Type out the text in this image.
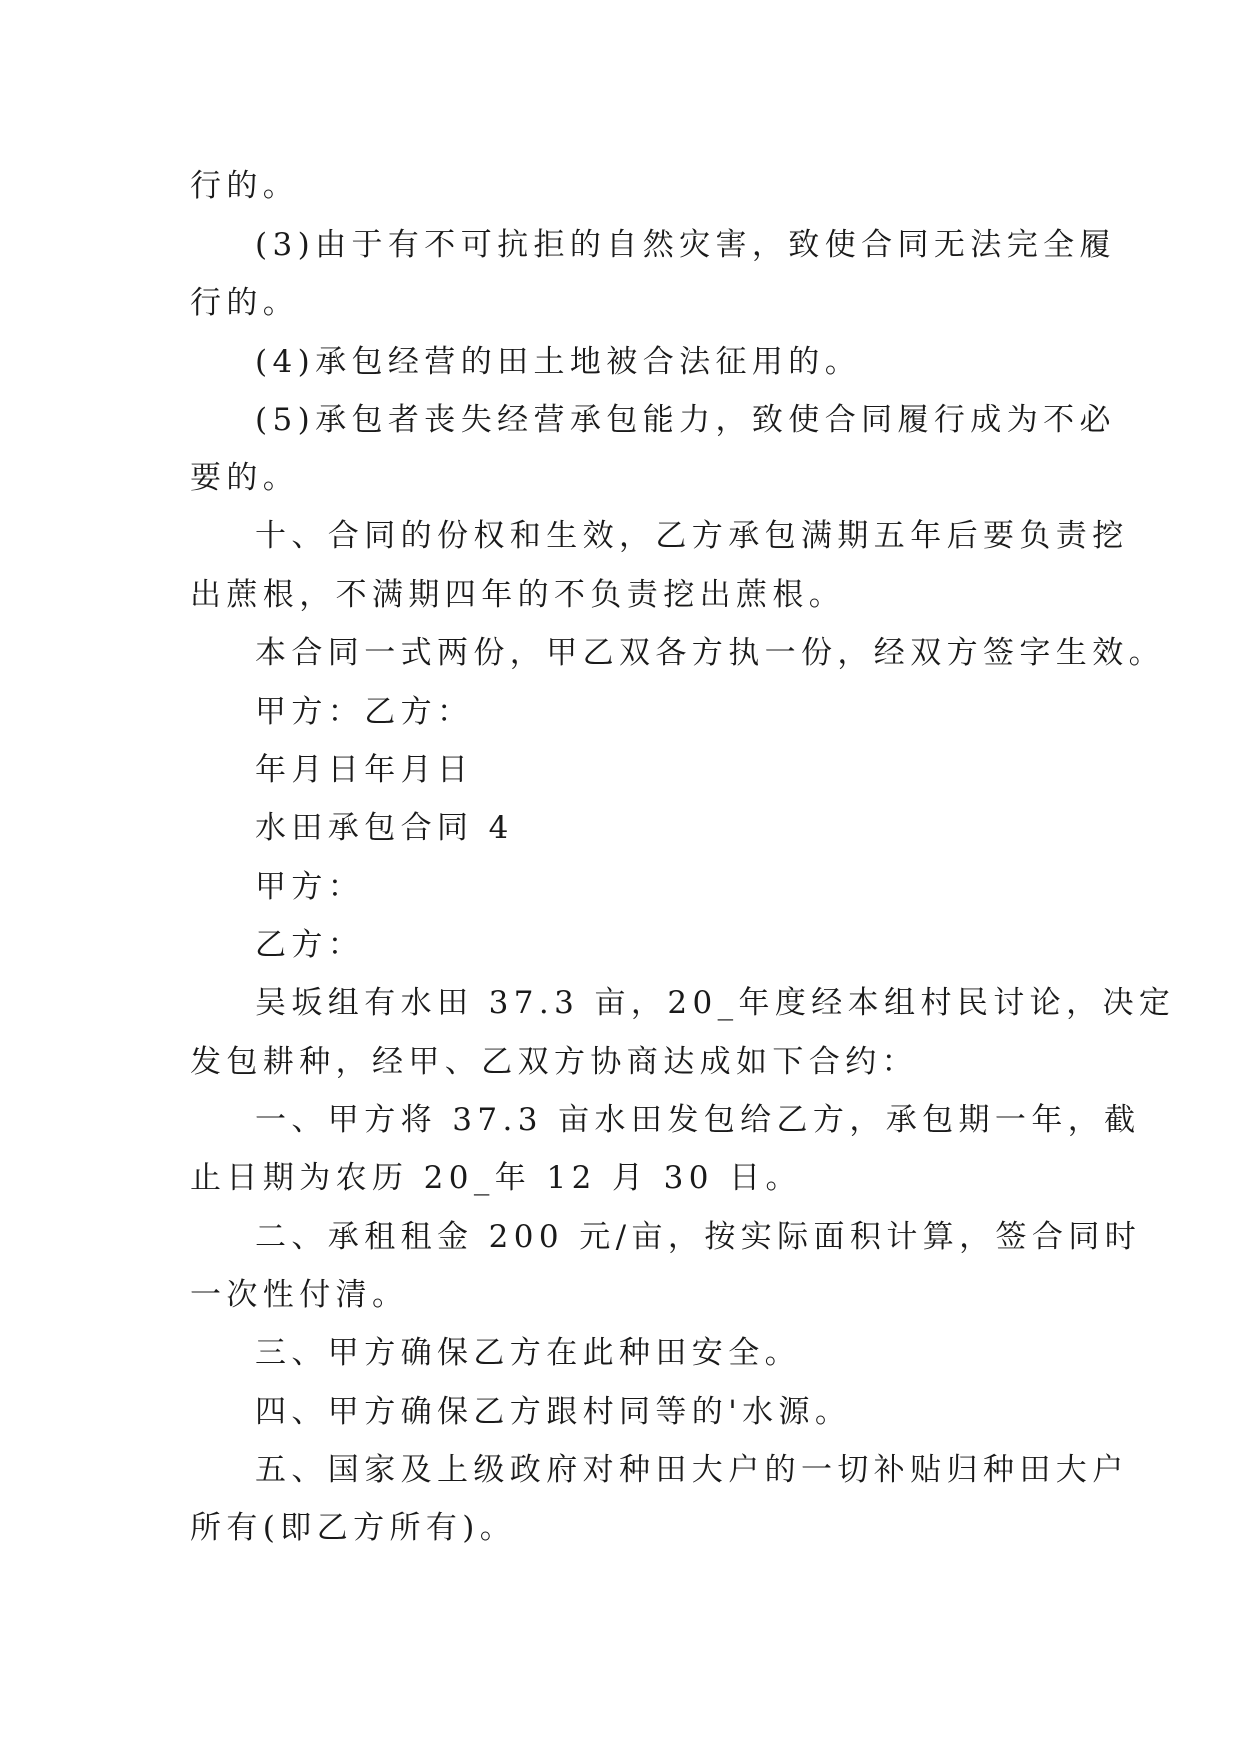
行的。
(3)由于有不可抗拒的自然灾害，致使合同无法完全履
行的。
(4)承包经营的田土地被合法征用的。
(5)承包者丧失经营承包能力，致使合同履行成为不必
要的。
十、合同的份权和生效，乙方承包满期五年后要负责挖
出蔗根，不满期四年的不负责挖出蔗根。
本合同一式两份，甲乙双各方执一份，经双方签字生效。
甲方：乙方：
年月日年月日
水田承包合同 4
甲方：
乙方：
吴坂组有水田 37.3 亩，20_年度经本组村民讨论，决定
发包耕种，经甲、乙双方协商达成如下合约：
一、甲方将 37.3 亩水田发包给乙方，承包期一年，截
止日期为农历 20_年 12 月 30 日。
二、承租租金 200 元/亩，按实际面积计算，签合同时
一次性付清。
三、甲方确保乙方在此种田安全。
四、甲方确保乙方跟村同等的'水源。
五、国家及上级政府对种田大户的一切补贴归种田大户
所有(即乙方所有)。
